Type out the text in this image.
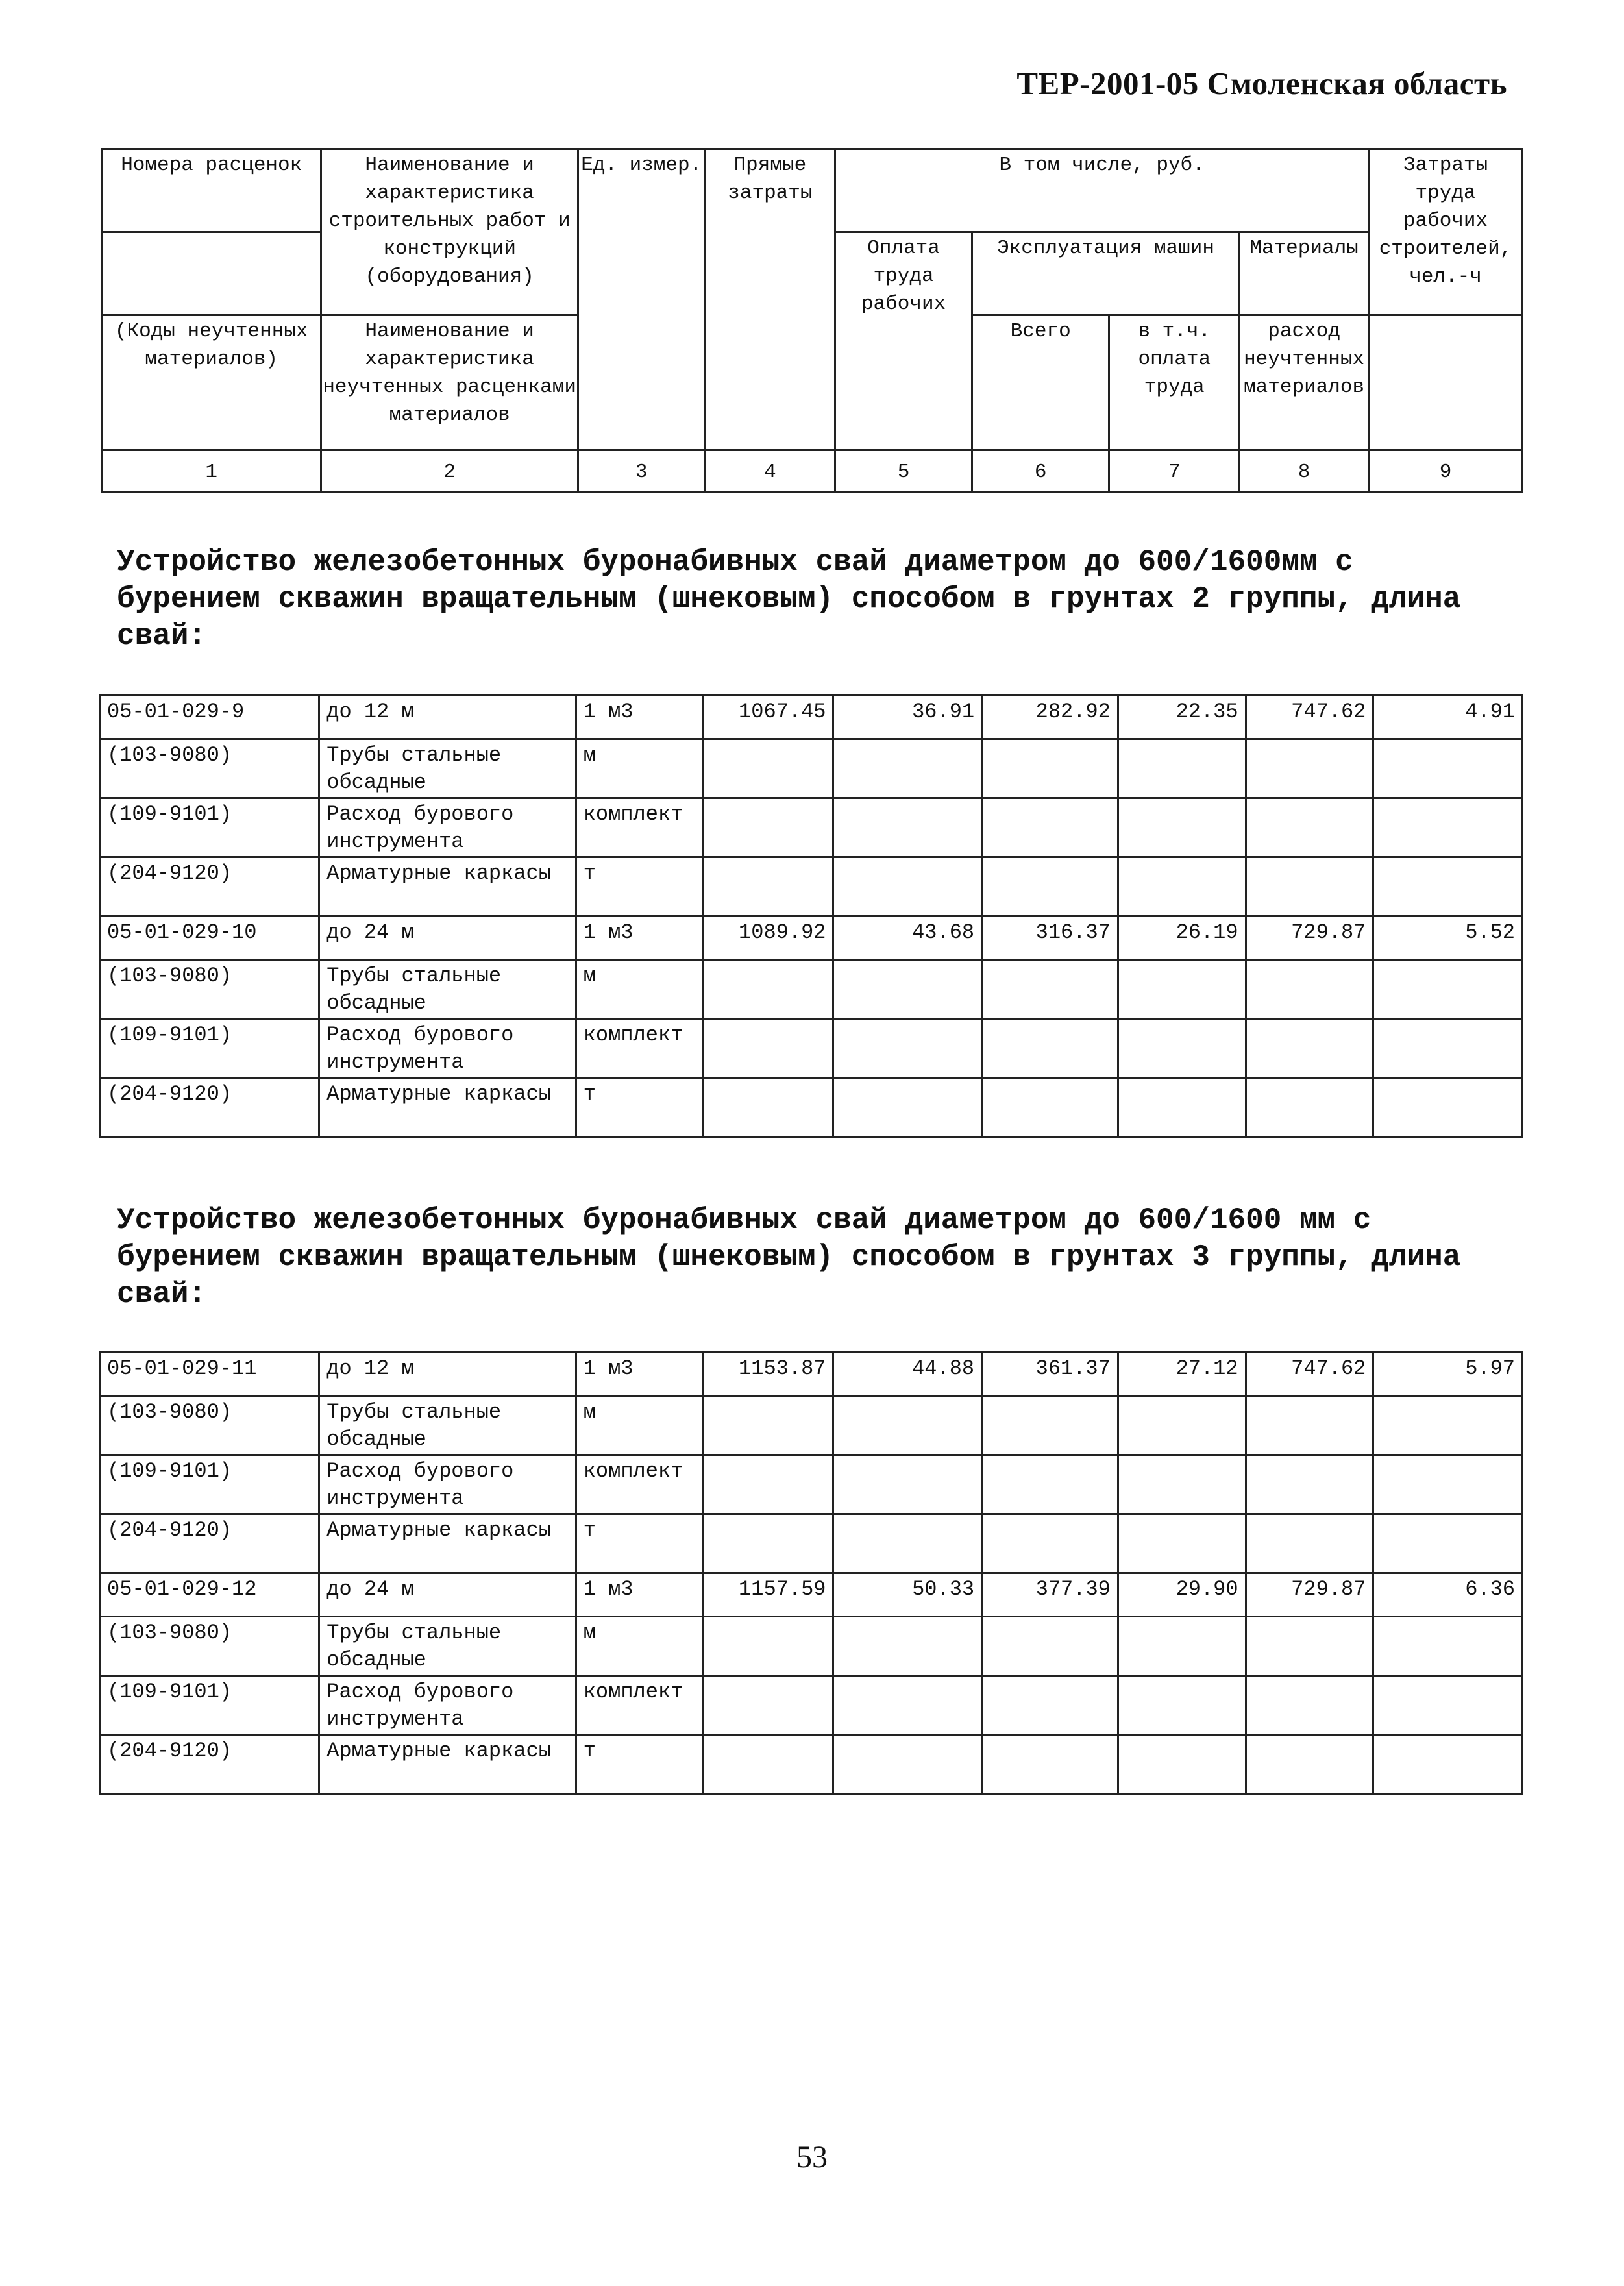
ТЕР-2001-05 Смоленская область
Номера расценок	Наименование и характеристика строительных работ и конструкций (оборудования)	Ед. измер.	Прямые затраты	В том числе, руб.				Затраты труда рабочих строителей, чел.-ч
				Оплата труда рабочих	Эксплуатация машин		Материалы	
(Коды неучтенных материалов)	Наименование и характеристика неучтенных расценками материалов				Всего	в т.ч. оплата труда	расход неучтенных материалов	
1	2	3	4	5	6	7	8	9
Устройство железобетонных буронабивных свай диаметром до 600/1600мм с бурением скважин вращательным (шнековым) способом в грунтах 2 группы, длина свай:
05-01-029-9	до 12 м	1 м3	1067.45	36.91	282.92	22.35	747.62	4.91
(103-9080)	Трубы стальные обсадные	м						
(109-9101)	Расход бурового инструмента	комплект						
(204-9120)	Арматурные каркасы	т						
05-01-029-10	до 24 м	1 м3	1089.92	43.68	316.37	26.19	729.87	5.52
(103-9080)	Трубы стальные обсадные	м						
(109-9101)	Расход бурового инструмента	комплект						
(204-9120)	Арматурные каркасы	т						
Устройство железобетонных буронабивных свай диаметром до 600/1600 мм с бурением скважин вращательным (шнековым) способом в грунтах 3 группы, длина свай:
05-01-029-11	до 12 м	1 м3	1153.87	44.88	361.37	27.12	747.62	5.97
(103-9080)	Трубы стальные обсадные	м						
(109-9101)	Расход бурового инструмента	комплект						
(204-9120)	Арматурные каркасы	т						
05-01-029-12	до 24 м	1 м3	1157.59	50.33	377.39	29.90	729.87	6.36
(103-9080)	Трубы стальные обсадные	м						
(109-9101)	Расход бурового инструмента	комплект						
(204-9120)	Арматурные каркасы	т						
53
